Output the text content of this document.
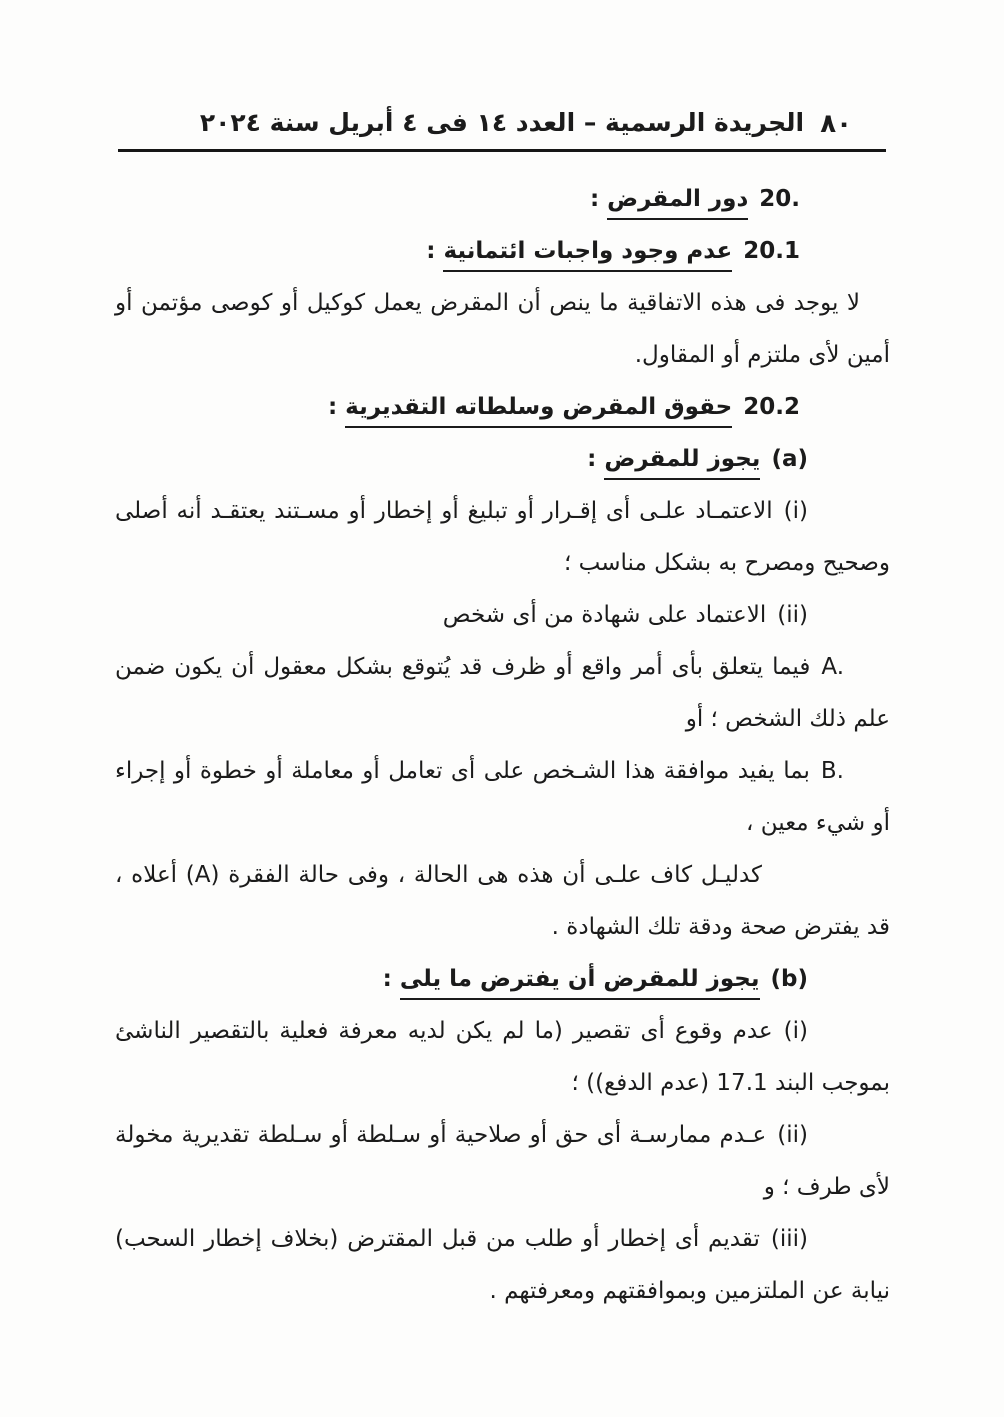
الجريدة الرسمية – العدد ١٤ فى ٤ أبريل سنة ٢٠٢٤ ٨٠

20.دور المقرض :

20.1عدم وجود واجبات ائتمانية :

لا يوجد فى هذه الاتفاقية ما ينص أن المقرض يعمل كوكيل أو كوصى مؤتمن أو أمين لأى ملتزم أو المقاول.

20.2حقوق المقرض وسلطاته التقديرية :

(a)يجوز للمقرض :

(i)الاعتمـاد علـى أى إقـرار أو تبليغ أو إخطار أو مسـتند يعتقـد أنه أصلى وصحيح ومصرح به بشكل مناسب ؛

(ii)الاعتماد على شهادة من أى شخص

A.فيما يتعلق بأى أمر واقع أو ظرف قد يُتوقع بشكل معقول أن يكون ضمن علم ذلك الشخص ؛ أو

B.بما يفيد موافقة هذا الشـخص على أى تعامل أو معاملة أو خطوة أو إجراء أو شيء معين ،

كدليـل كاف علـى أن هذه هى الحالة ، وفى حالة الفقرة (A) أعلاه ، قد يفترض صحة ودقة تلك الشهادة .

(b)يجوز للمقرض أن يفترض ما يلى :

(i)عدم وقوع أى تقصير (ما لم يكن لديه معرفة فعلية بالتقصير الناشئ بموجب البند 17.1 (عدم الدفع)) ؛

(ii)عـدم ممارسـة أى حق أو صلاحية أو سـلطة أو سـلطة تقديرية مخولة لأى طرف ؛ و

(iii)تقديم أى إخطار أو طلب من قبل المقترض (بخلاف إخطار السحب) نيابة عن الملتزمين وبموافقتهم ومعرفتهم .
